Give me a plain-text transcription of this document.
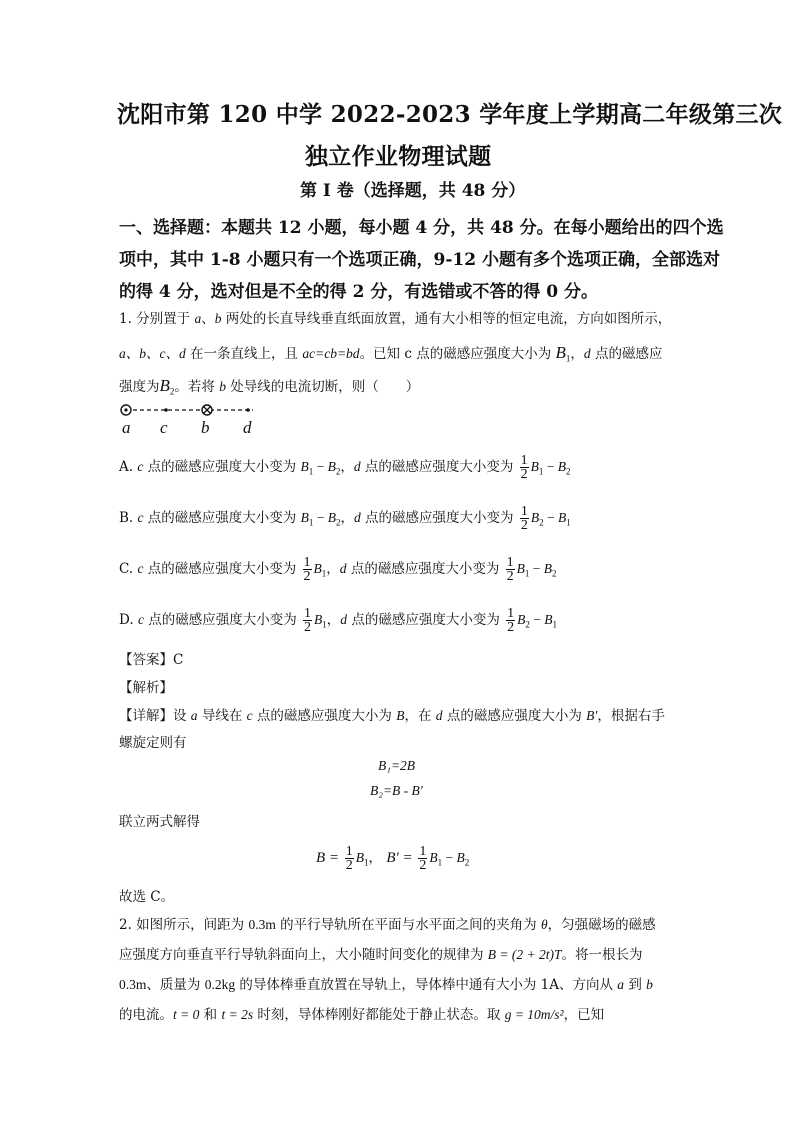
沈阳市第 120 中学 2022-2023 学年度上学期高二年级第三次
独立作业物理试题
第 I 卷（选择题，共 48 分）
一、选择题：本题共 12 小题，每小题 4 分，共 48 分。在每小题给出的四个选
项中，其中 1-8 小题只有一个选项正确，9-12 小题有多个选项正确，全部选对
的得 4 分，选对但是不全的得 2 分，有选错或不答的得 0 分。
1. 分别置于 a、b 两处的长直导线垂直纸面放置，通有大小相等的恒定电流，方向如图所示，
a、b、c、d 在一条直线上，且 ac=cb=bd。已知 c 点的磁感应强度大小为 $B_1$，d 点的磁感应
强度为$B_2$。若将 b 处导线的电流切断，则（　　）
a c b d
A. c 点的磁感应强度大小变为 $B_1 - B_2$，d 点的磁感应强度大小变为 $\frac{1}{2} B_1 - B_2$
B. c 点的磁感应强度大小变为 $B_1 - B_2$，d 点的磁感应强度大小变为 $\frac{1}{2} B_2 - B_1$
C. c 点的磁感应强度大小变为 $\frac{1}{2} B_1$，d 点的磁感应强度大小变为 $\frac{1}{2} B_1 - B_2$
D. c 点的磁感应强度大小变为 $\frac{1}{2} B_1$，d 点的磁感应强度大小变为 $\frac{1}{2} B_2 - B_1$
【答案】C
【解析】
【详解】设 a 导线在 c 点的磁感应强度大小为 B，在 d 点的磁感应强度大小为 B′，根据右手
螺旋定则有
B₁=2B
B₂=B - B′
联立两式解得
$B = \frac{1}{2} B_1$， $B' = \frac{1}{2} B_1 - B_2$
故选 C。
2. 如图所示，间距为 0.3m 的平行导轨所在平面与水平面之间的夹角为 θ，匀强磁场的磁感
应强度方向垂直平行导轨斜面向上，大小随时间变化的规律为 B = (2 + 2t)T。将一根长为
0.3m、质量为 0.2kg 的导体棒垂直放置在导轨上，导体棒中通有大小为 1A、方向从 a 到 b
的电流。t = 0 和 t = 2s 时刻，导体棒刚好都能处于静止状态。取 g = 10m/s²，已知
